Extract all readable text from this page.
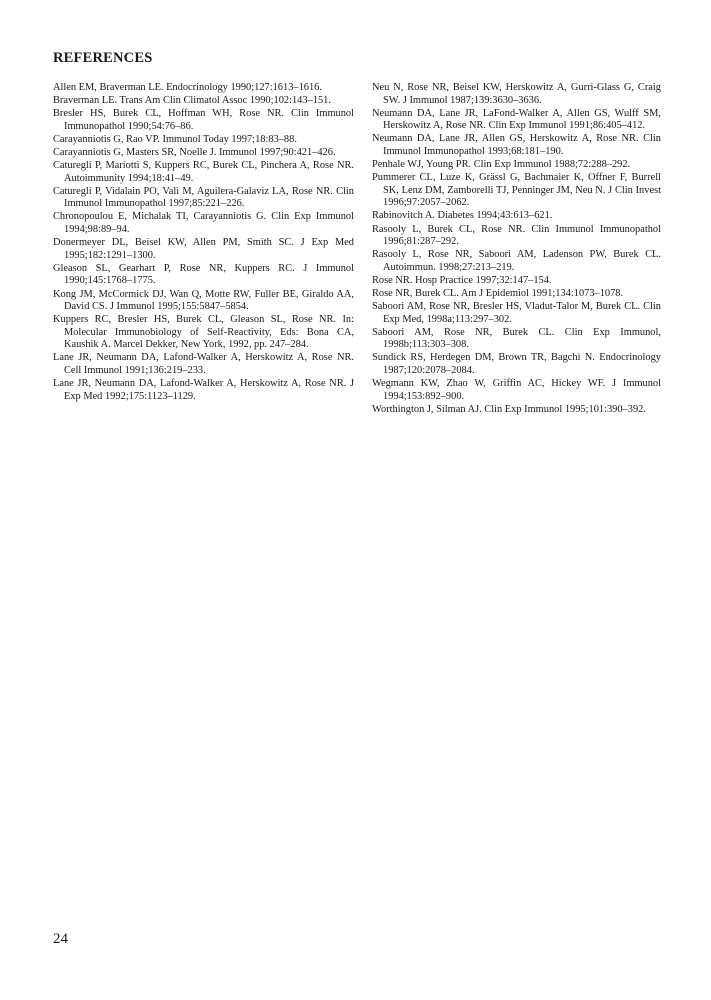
REFERENCES

Allen EM, Braverman LE. Endocrinology 1990;127:1613–1616.

Braverman LE. Trans Am Clin Climatol Assoc 1990;102:143–151.

Bresler HS, Burek CL, Hoffman WH, Rose NR. Clin Immunol Immunopathol 1990;54:76–86.

Carayanniotis G, Rao VP. Immunol Today 1997;18:83–88.

Carayanniotis G, Masters SR, Noelle J. Immunol 1997;90:421–426.

Caturegli P, Mariotti S, Kuppers RC, Burek CL, Pinchera A, Rose NR. Autoimmunity 1994;18:41–49.

Caturegli P, Vidalain PO, Vali M, Aguilera-Galaviz LA, Rose NR. Clin Immunol Immunopathol 1997;85:221–226.

Chronopoulou E, Michalak TI, Carayanniotis G. Clin Exp Immunol 1994;98:89–94.

Donermeyer DL, Beisel KW, Allen PM, Smith SC. J Exp Med 1995;182:1291–1300.

Gleason SL, Gearhart P, Rose NR, Kuppers RC. J Immunol 1990;145:1768–1775.

Kong JM, McCormick DJ, Wan Q, Motte RW, Fuller BE, Giraldo AA, David CS. J Immunol 1995;155:5847–5854.

Kuppers RC, Bresler HS, Burek CL, Gleason SL, Rose NR. In: Molecular Immunobiology of Self-Reactivity, Eds: Bona CA, Kaushik A. Marcel Dekker, New York, 1992, pp. 247–284.

Lane JR, Neumann DA, Lafond-Walker A, Herskowitz A, Rose NR. Cell Immunol 1991;136:219–233.

Lane JR, Neumann DA, Lafond-Walker A, Herskowitz A, Rose NR. J Exp Med 1992;175:1123–1129.

Neu N, Rose NR, Beisel KW, Herskowitz A, Gurri-Glass G, Craig SW. J Immunol 1987;139:3630–3636.

Neumann DA, Lane JR, LaFond-Walker A, Allen GS, Wulff SM, Herskowitz A, Rose NR. Clin Exp Immunol 1991;86:405–412.

Neumann DA, Lane JR, Allen GS, Herskowitz A, Rose NR. Clin Immunol Immunopathol 1993;68:181–190.

Penhale WJ, Young PR. Clin Exp Immunol 1988;72:288–292.

Pummerer CL, Luze K, Grässl G, Bachmaier K, Offner F, Burrell SK, Lenz DM, Zamborelli TJ, Penninger JM, Neu N. J Clin Invest 1996;97:2057–2062.

Rabinovitch A. Diabetes 1994;43:613–621.

Rasooly L, Burek CL, Rose NR. Clin Immunol Immunopathol 1996;81:287–292.

Rasooly L, Rose NR, Saboori AM, Ladenson PW, Burek CL. Autoimmun. 1998;27:213–219.

Rose NR. Hosp Practice 1997;32:147–154.

Rose NR, Burek CL. Am J Epidemiol 1991;134:1073–1078.

Saboori AM, Rose NR, Bresler HS, Vladut-Talor M, Burek CL. Clin Exp Med, 1998a;113:297–302.

Saboori AM, Rose NR, Burek CL. Clin Exp Immunol, 1998b;113:303–308.

Sundick RS, Herdegen DM, Brown TR, Bagchi N. Endocrinology 1987;120:2078–2084.

Wegmann KW, Zhao W, Griffin AC, Hickey WF. J Immunol 1994;153:892–900.

Worthington J, Silman AJ. Clin Exp Immunol 1995;101:390–392.

24
